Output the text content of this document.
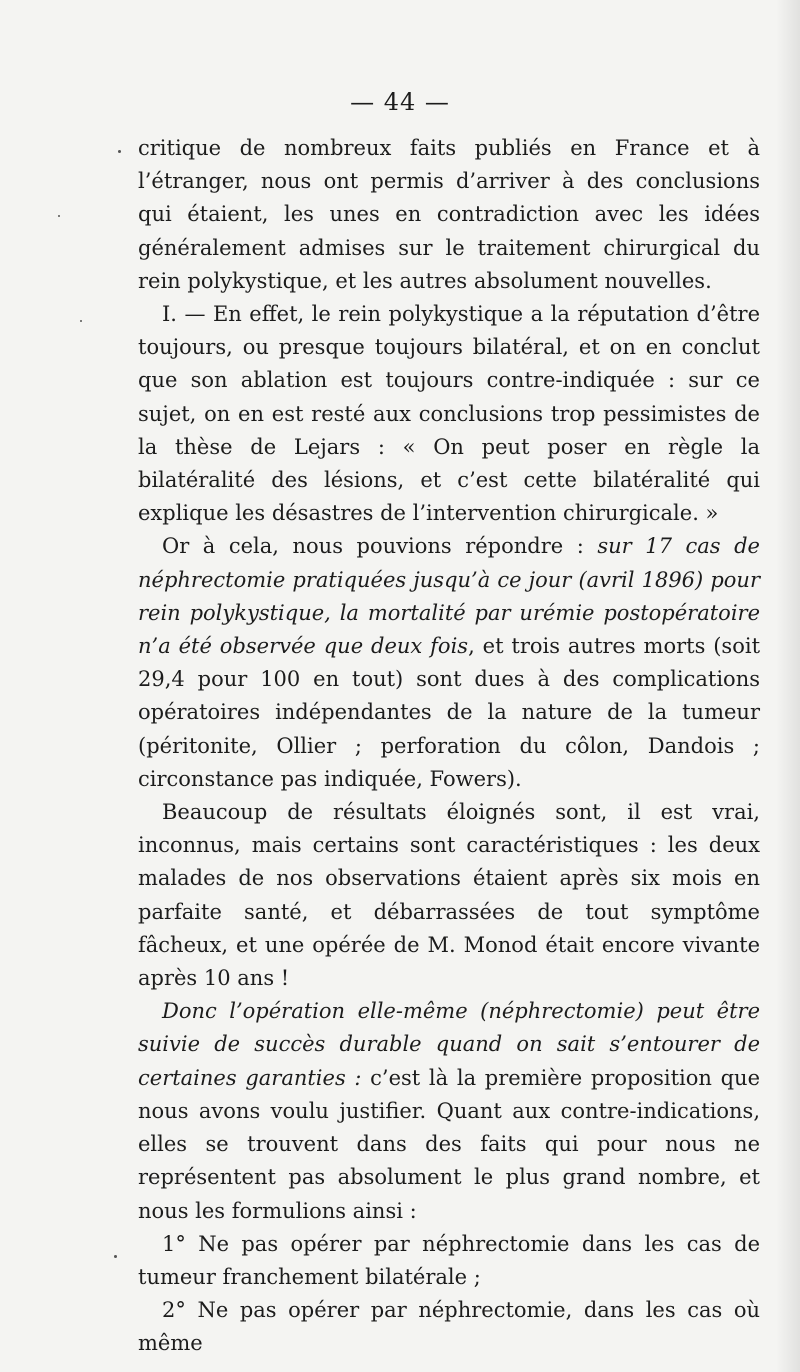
— 44 —

critique de nombreux faits publiés en France et à l’étranger, nous ont permis d’arriver à des conclusions qui étaient, les unes en contradiction avec les idées généralement admises sur le traitement chirurgical du rein polykystique, et les autres absolument nouvelles.

I. — En effet, le rein polykystique a la réputation d’être toujours, ou presque toujours bilatéral, et on en conclut que son ablation est toujours contre-indiquée : sur ce sujet, on en est resté aux conclusions trop pessimistes de la thèse de Lejars : « On peut poser en règle la bilatéralité des lésions, et c’est cette bilatéralité qui explique les désastres de l’intervention chirurgicale. »

Or à cela, nous pouvions répondre : sur 17 cas de néphrectomie pratiquées jusqu’à ce jour (avril 1896) pour rein polykystique, la mortalité par urémie postopératoire n’a été observée que deux fois, et trois autres morts (soit 29,4 pour 100 en tout) sont dues à des complications opératoires indépendantes de la nature de la tumeur (péritonite, Ollier ; perforation du côlon, Dandois ; circonstance pas indiquée, Fowers).

Beaucoup de résultats éloignés sont, il est vrai, inconnus, mais certains sont caractéristiques : les deux malades de nos observations étaient après six mois en parfaite santé, et débarrassées de tout symptôme fâcheux, et une opérée de M. Monod était encore vivante après 10 ans !

Donc l’opération elle-même (néphrectomie) peut être suivie de succès durable quand on sait s’entourer de certaines garanties : c’est là la première proposition que nous avons voulu justifier. Quant aux contre-indications, elles se trouvent dans des faits qui pour nous ne représentent pas absolument le plus grand nombre, et nous les formulions ainsi :

1° Ne pas opérer par néphrectomie dans les cas de tumeur franchement bilatérale ;

2° Ne pas opérer par néphrectomie, dans les cas où même
